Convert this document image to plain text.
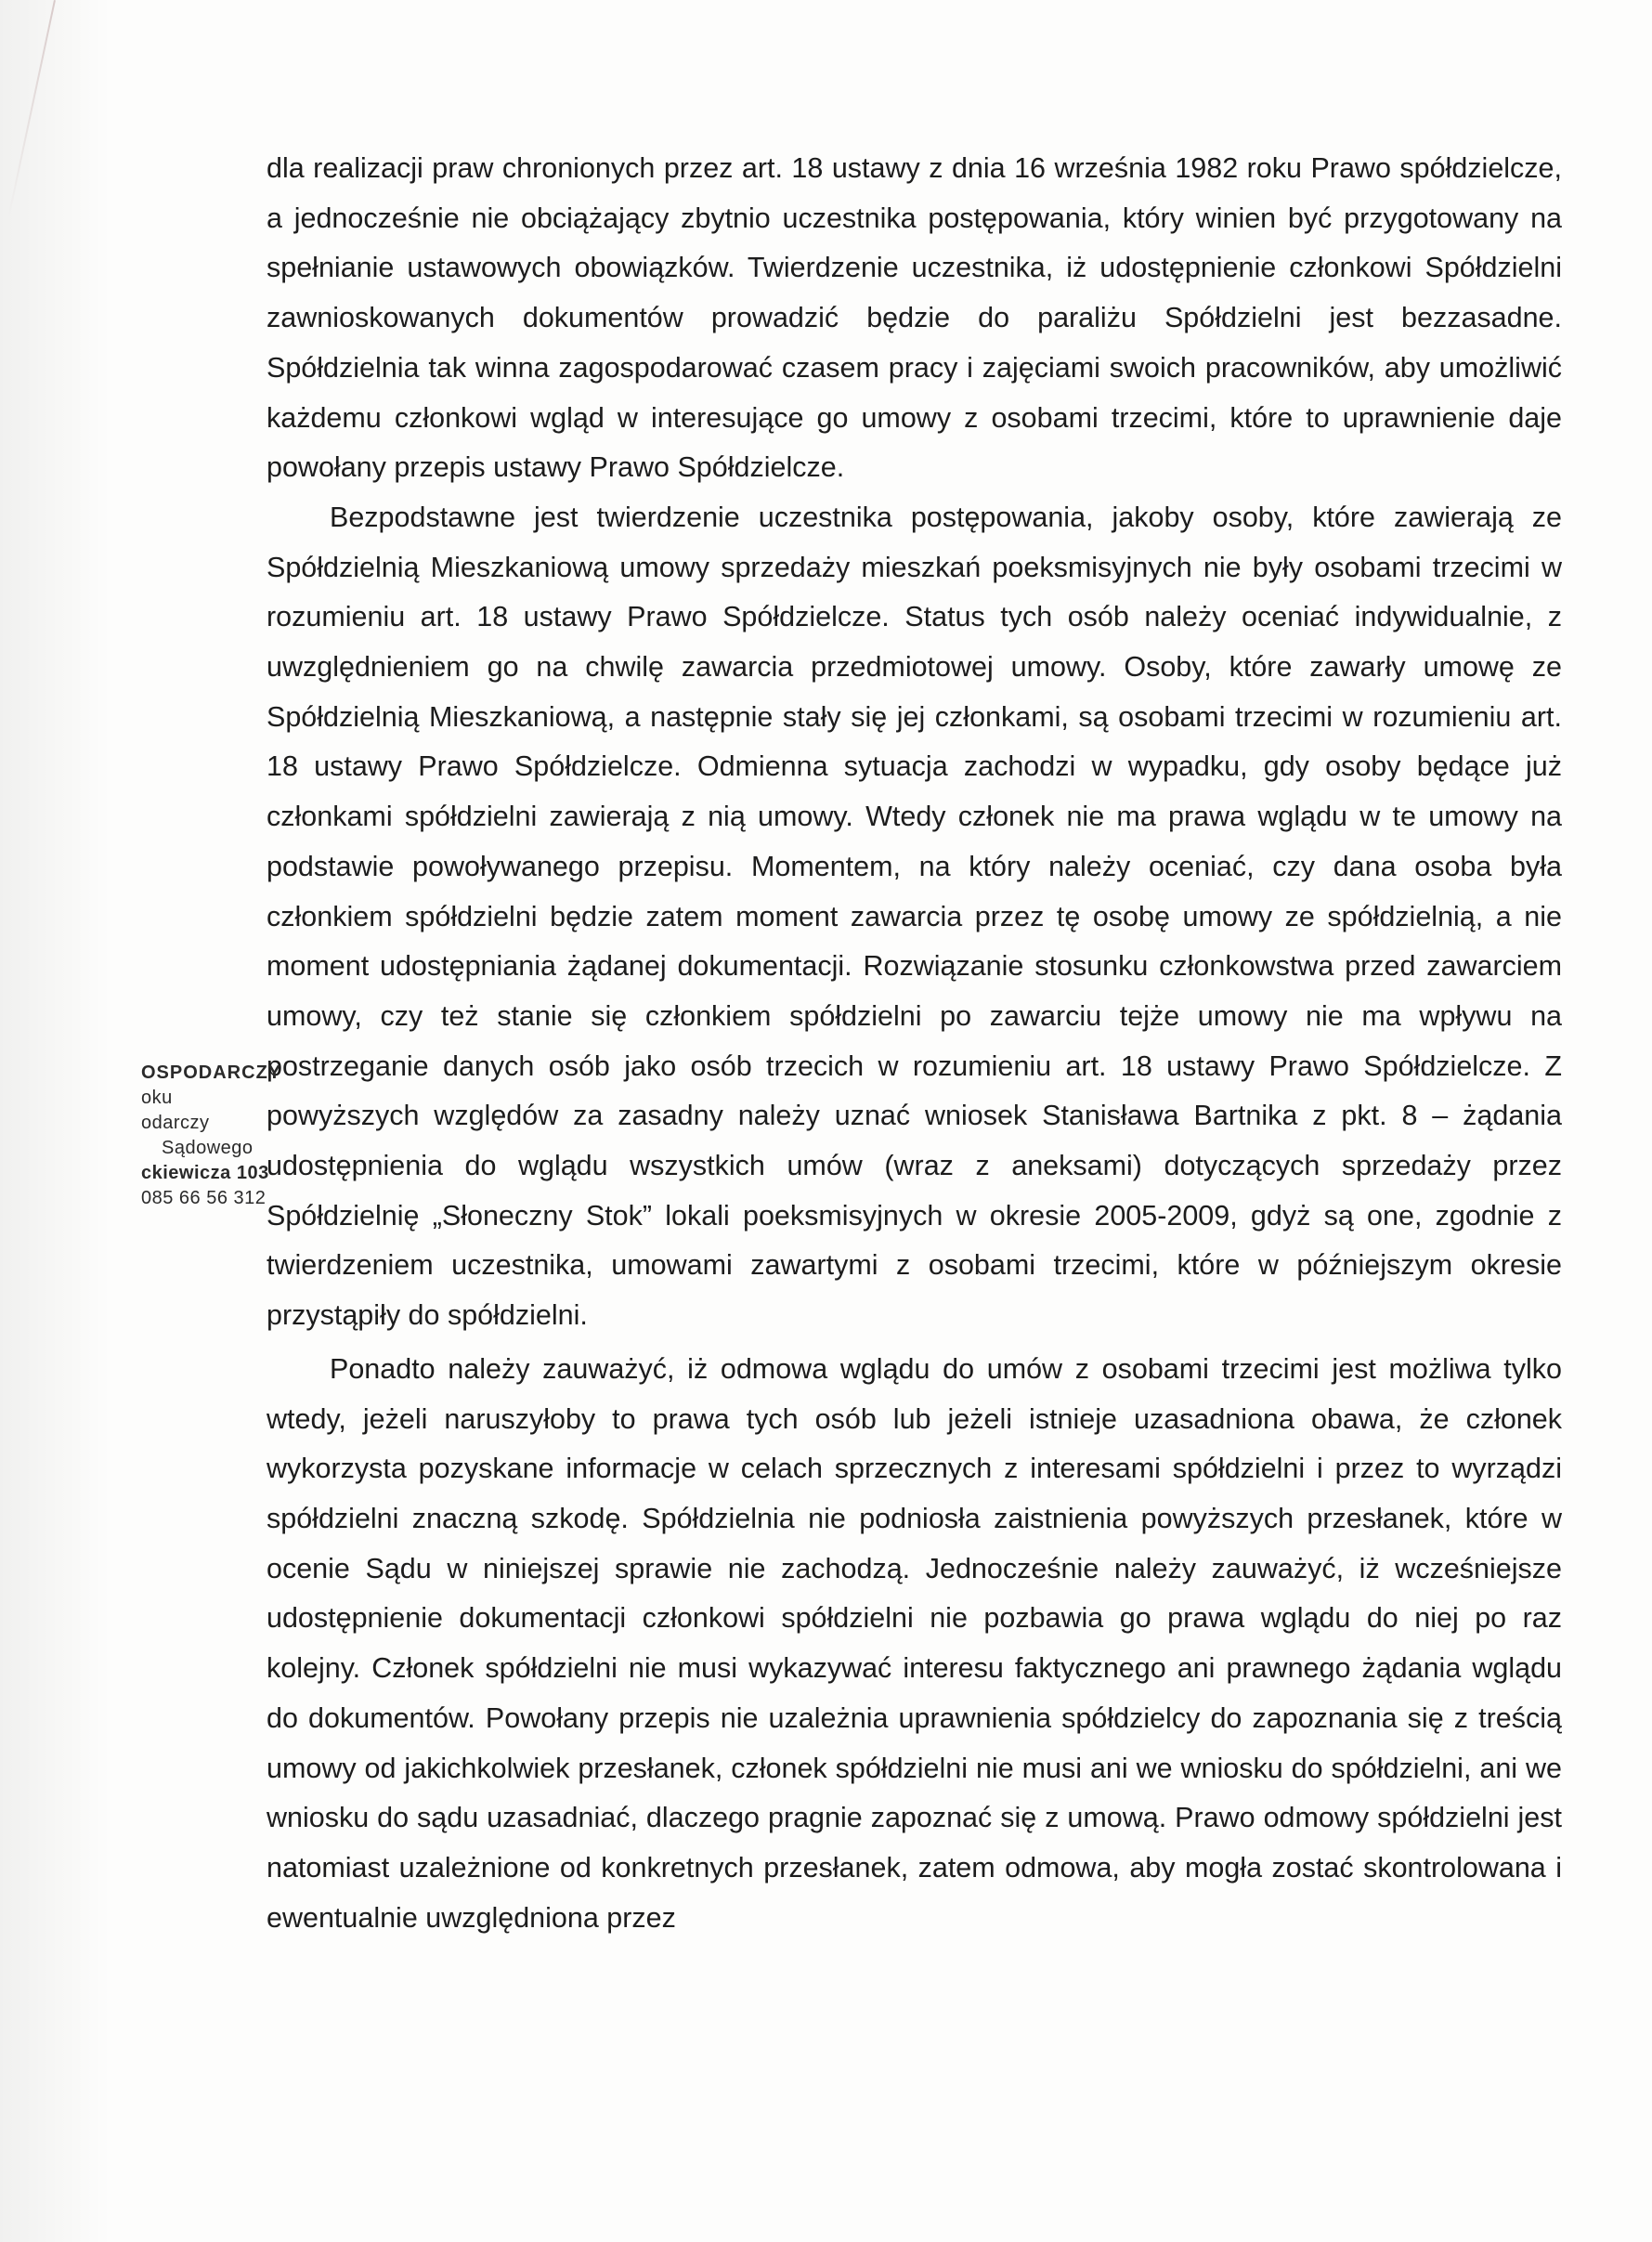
dla realizacji praw chronionych przez art. 18 ustawy z dnia 16 września 1982 roku Prawo spółdzielcze, a jednocześnie nie obciążający zbytnio uczestnika postępowania, który winien być przygotowany na spełnianie ustawowych obowiązków. Twierdzenie uczestnika, iż udostępnienie członkowi Spółdzielni zawnioskowanych dokumentów prowadzić będzie do paraliżu Spółdzielni jest bezzasadne. Spółdzielnia tak winna zagospodarować czasem pracy i zajęciami swoich pracowników, aby umożliwić każdemu członkowi wgląd w interesujące go umowy z osobami trzecimi, które to uprawnienie daje powołany przepis ustawy Prawo Spółdzielcze.

Bezpodstawne jest twierdzenie uczestnika postępowania, jakoby osoby, które zawierają ze Spółdzielnią Mieszkaniową umowy sprzedaży mieszkań poeksmisyjnych nie były osobami trzecimi w rozumieniu art. 18 ustawy Prawo Spółdzielcze. Status tych osób należy oceniać indywidualnie, z uwzględnieniem go na chwilę zawarcia przedmiotowej umowy. Osoby, które zawarły umowę ze Spółdzielnią Mieszkaniową, a następnie stały się jej członkami, są osobami trzecimi w rozumieniu art. 18 ustawy Prawo Spółdzielcze. Odmienna sytuacja zachodzi w wypadku, gdy osoby będące już członkami spółdzielni zawierają z nią umowy. Wtedy członek nie ma prawa wglądu w te umowy na podstawie powoływanego przepisu. Momentem, na który należy oceniać, czy dana osoba była członkiem spółdzielni będzie zatem moment zawarcia przez tę osobę umowy ze spółdzielnią, a nie moment udostępniania żądanej dokumentacji. Rozwiązanie stosunku członkowstwa przed zawarciem umowy, czy też stanie się członkiem spółdzielni po zawarciu tejże umowy nie ma wpływu na postrzeganie danych osób jako osób trzecich w rozumieniu art. 18 ustawy Prawo Spółdzielcze. Z powyższych względów za zasadny należy uznać wniosek Stanisława Bartnika z pkt. 8 – żądania udostępnienia do wglądu wszystkich umów (wraz z aneksami) dotyczących sprzedaży przez Spółdzielnię „Słoneczny Stok” lokali poeksmisyjnych w okresie 2005-2009, gdyż są one, zgodnie z twierdzeniem uczestnika, umowami zawartymi z osobami trzecimi, które w późniejszym okresie przystąpiły do spółdzielni.

Ponadto należy zauważyć, iż odmowa wglądu do umów z osobami trzecimi jest możliwa tylko wtedy, jeżeli naruszyłoby to prawa tych osób lub jeżeli istnieje uzasadniona obawa, że członek wykorzysta pozyskane informacje w celach sprzecznych z interesami spółdzielni i przez to wyrządzi spółdzielni znaczną szkodę. Spółdzielnia nie podniosła zaistnienia powyższych przesłanek, które w ocenie Sądu w niniejszej sprawie nie zachodzą. Jednocześnie należy zauważyć, iż wcześniejsze udostępnienie dokumentacji członkowi spółdzielni nie pozbawia go prawa wglądu do niej po raz kolejny. Członek spółdzielni nie musi wykazywać interesu faktycznego ani prawnego żądania wglądu do dokumentów. Powołany przepis nie uzależnia uprawnienia spółdzielcy do zapoznania się z treścią umowy od jakichkolwiek przesłanek, członek spółdzielni nie musi ani we wniosku do spółdzielni, ani we wniosku do sądu uzasadniać, dlaczego pragnie zapoznać się z umową. Prawo odmowy spółdzielni jest natomiast uzależnione od konkretnych przesłanek, zatem odmowa, aby mogła zostać skontrolowana i ewentualnie uwzględniona przez

OSPODARCZY
oku
odarczy
Sądowego
ckiewicza 103
085 66 56 312
